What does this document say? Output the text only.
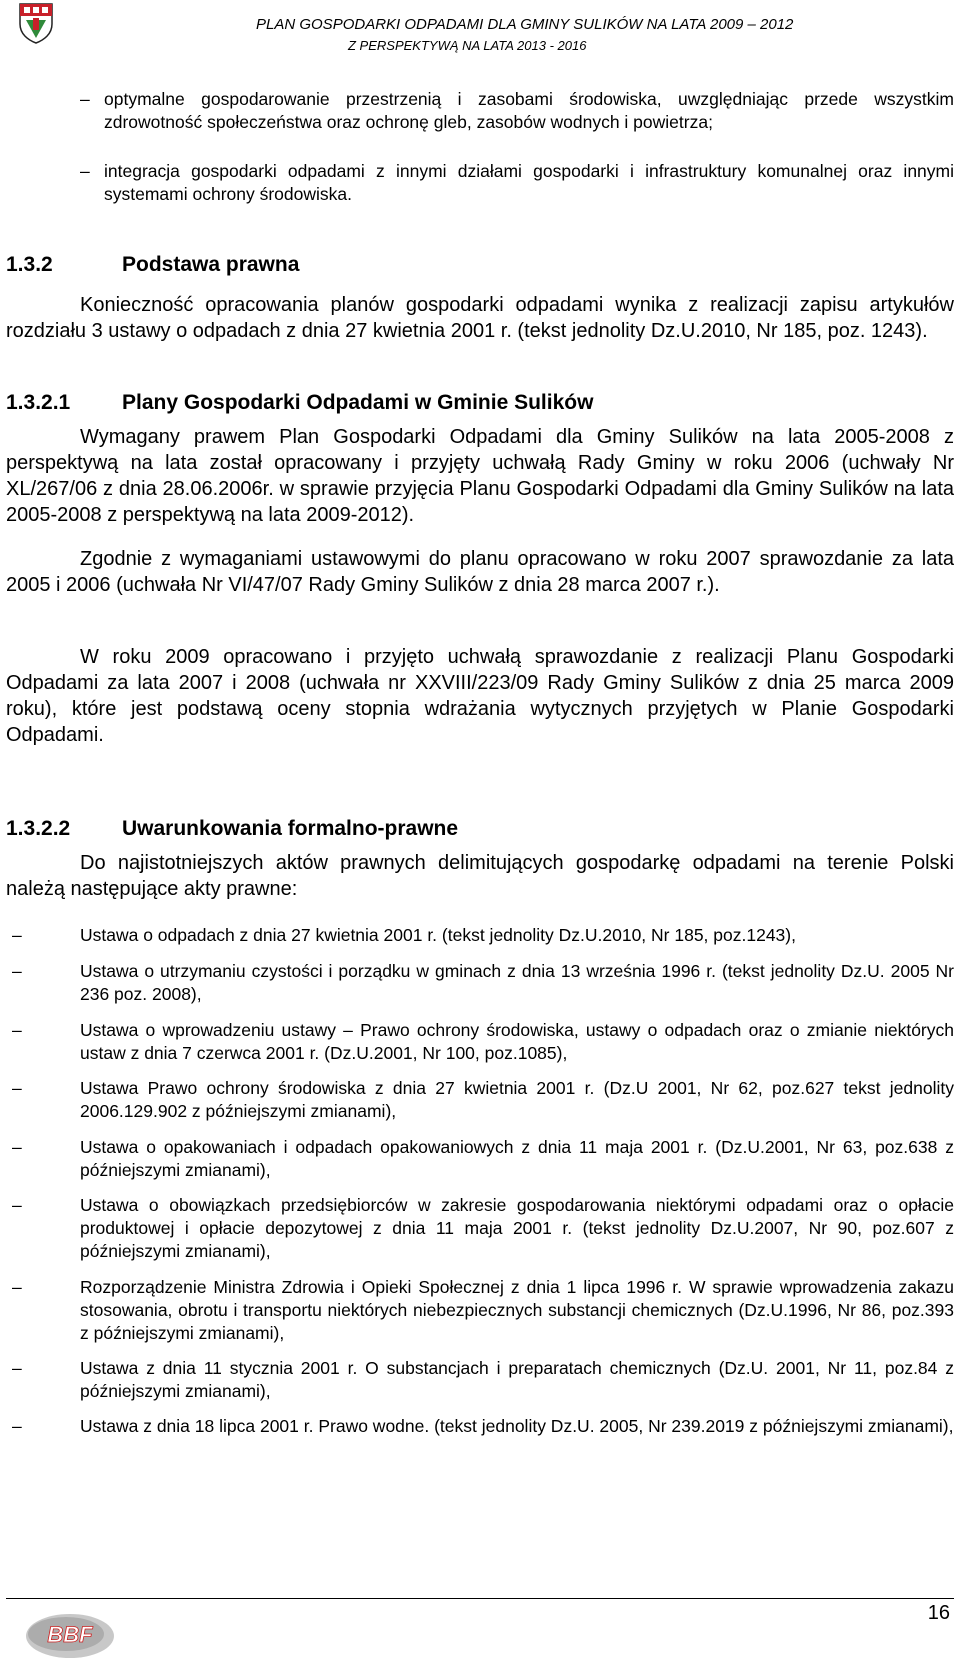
PLAN GOSPODARKI ODPADAMI DLA GMINY SULIKÓW NA LATA 2009 – 2012
Z PERSPEKTYWĄ NA LATA 2013 - 2016
– optymalne gospodarowanie przestrzenią i zasobami środowiska, uwzględniając przede wszystkim zdrowotność społeczeństwa oraz ochronę gleb, zasobów wodnych i powietrza;
– integracja gospodarki odpadami z innymi działami gospodarki i infrastruktury komunalnej oraz innymi systemami ochrony środowiska.
1.3.2	Podstawa prawna
Konieczność opracowania planów gospodarki odpadami wynika z realizacji zapisu artykułów rozdziału 3 ustawy o odpadach z dnia 27 kwietnia 2001 r. (tekst jednolity Dz.U.2010, Nr 185, poz. 1243).
1.3.2.1 Plany Gospodarki Odpadami w Gminie Sulików
Wymagany prawem Plan Gospodarki Odpadami dla Gminy Sulików na lata 2005-2008 z perspektywą na lata został opracowany i przyjęty uchwałą Rady Gminy w roku 2006 (uchwały Nr XL/267/06 z dnia 28.06.2006r. w sprawie przyjęcia Planu Gospodarki Odpadami dla Gminy Sulików na lata 2005-2008 z perspektywą na lata 2009-2012).
Zgodnie z wymaganiami ustawowymi do planu opracowano w roku 2007 sprawozdanie za lata 2005 i 2006 (uchwała Nr VI/47/07 Rady Gminy Sulików z dnia 28 marca 2007 r.).
W roku 2009 opracowano i przyjęto uchwałą sprawozdanie z realizacji Planu Gospodarki Odpadami za lata 2007 i 2008 (uchwała nr XXVIII/223/09 Rady Gminy Sulików z dnia 25 marca 2009 roku), które jest podstawą oceny stopnia wdrażania wytycznych przyjętych w Planie Gospodarki Odpadami.
1.3.2.2 Uwarunkowania formalno-prawne
Do najistotniejszych aktów prawnych delimitujących gospodarkę odpadami na terenie Polski należą następujące akty prawne:
–	Ustawa o odpadach z dnia 27 kwietnia 2001 r. (tekst jednolity Dz.U.2010, Nr 185, poz.1243),
–	Ustawa o utrzymaniu czystości i porządku w gminach z dnia 13 września 1996 r. (tekst jednolity Dz.U. 2005 Nr 236 poz. 2008),
–	Ustawa o wprowadzeniu ustawy – Prawo ochrony środowiska, ustawy o odpadach oraz o zmianie niektórych ustaw z dnia 7 czerwca 2001 r. (Dz.U.2001, Nr 100, poz.1085),
–	Ustawa Prawo ochrony środowiska z dnia 27 kwietnia 2001 r. (Dz.U 2001, Nr 62, poz.627 tekst jednolity 2006.129.902 z późniejszymi zmianami),
–	Ustawa o opakowaniach i odpadach opakowaniowych z dnia 11 maja 2001 r. (Dz.U.2001, Nr 63, poz.638 z późniejszymi zmianami),
–	Ustawa o obowiązkach przedsiębiorców w zakresie gospodarowania niektórymi odpadami oraz o opłacie produktowej i opłacie depozytowej z dnia 11 maja 2001 r. (tekst jednolity Dz.U.2007, Nr 90, poz.607 z późniejszymi zmianami),
–	Rozporządzenie Ministra Zdrowia i Opieki Społecznej z dnia 1 lipca 1996 r. W sprawie wprowadzenia zakazu stosowania, obrotu i transportu niektórych niebezpiecznych substancji chemicznych (Dz.U.1996, Nr 86, poz.393 z późniejszymi zmianami),
–	Ustawa z dnia 11 stycznia 2001 r. O substancjach i preparatach chemicznych (Dz.U. 2001, Nr 11, poz.84 z późniejszymi zmianami),
–	Ustawa z dnia 18 lipca 2001 r. Prawo wodne. (tekst jednolity Dz.U. 2005, Nr 239.2019 z późniejszymi zmianami),
16
BBF
